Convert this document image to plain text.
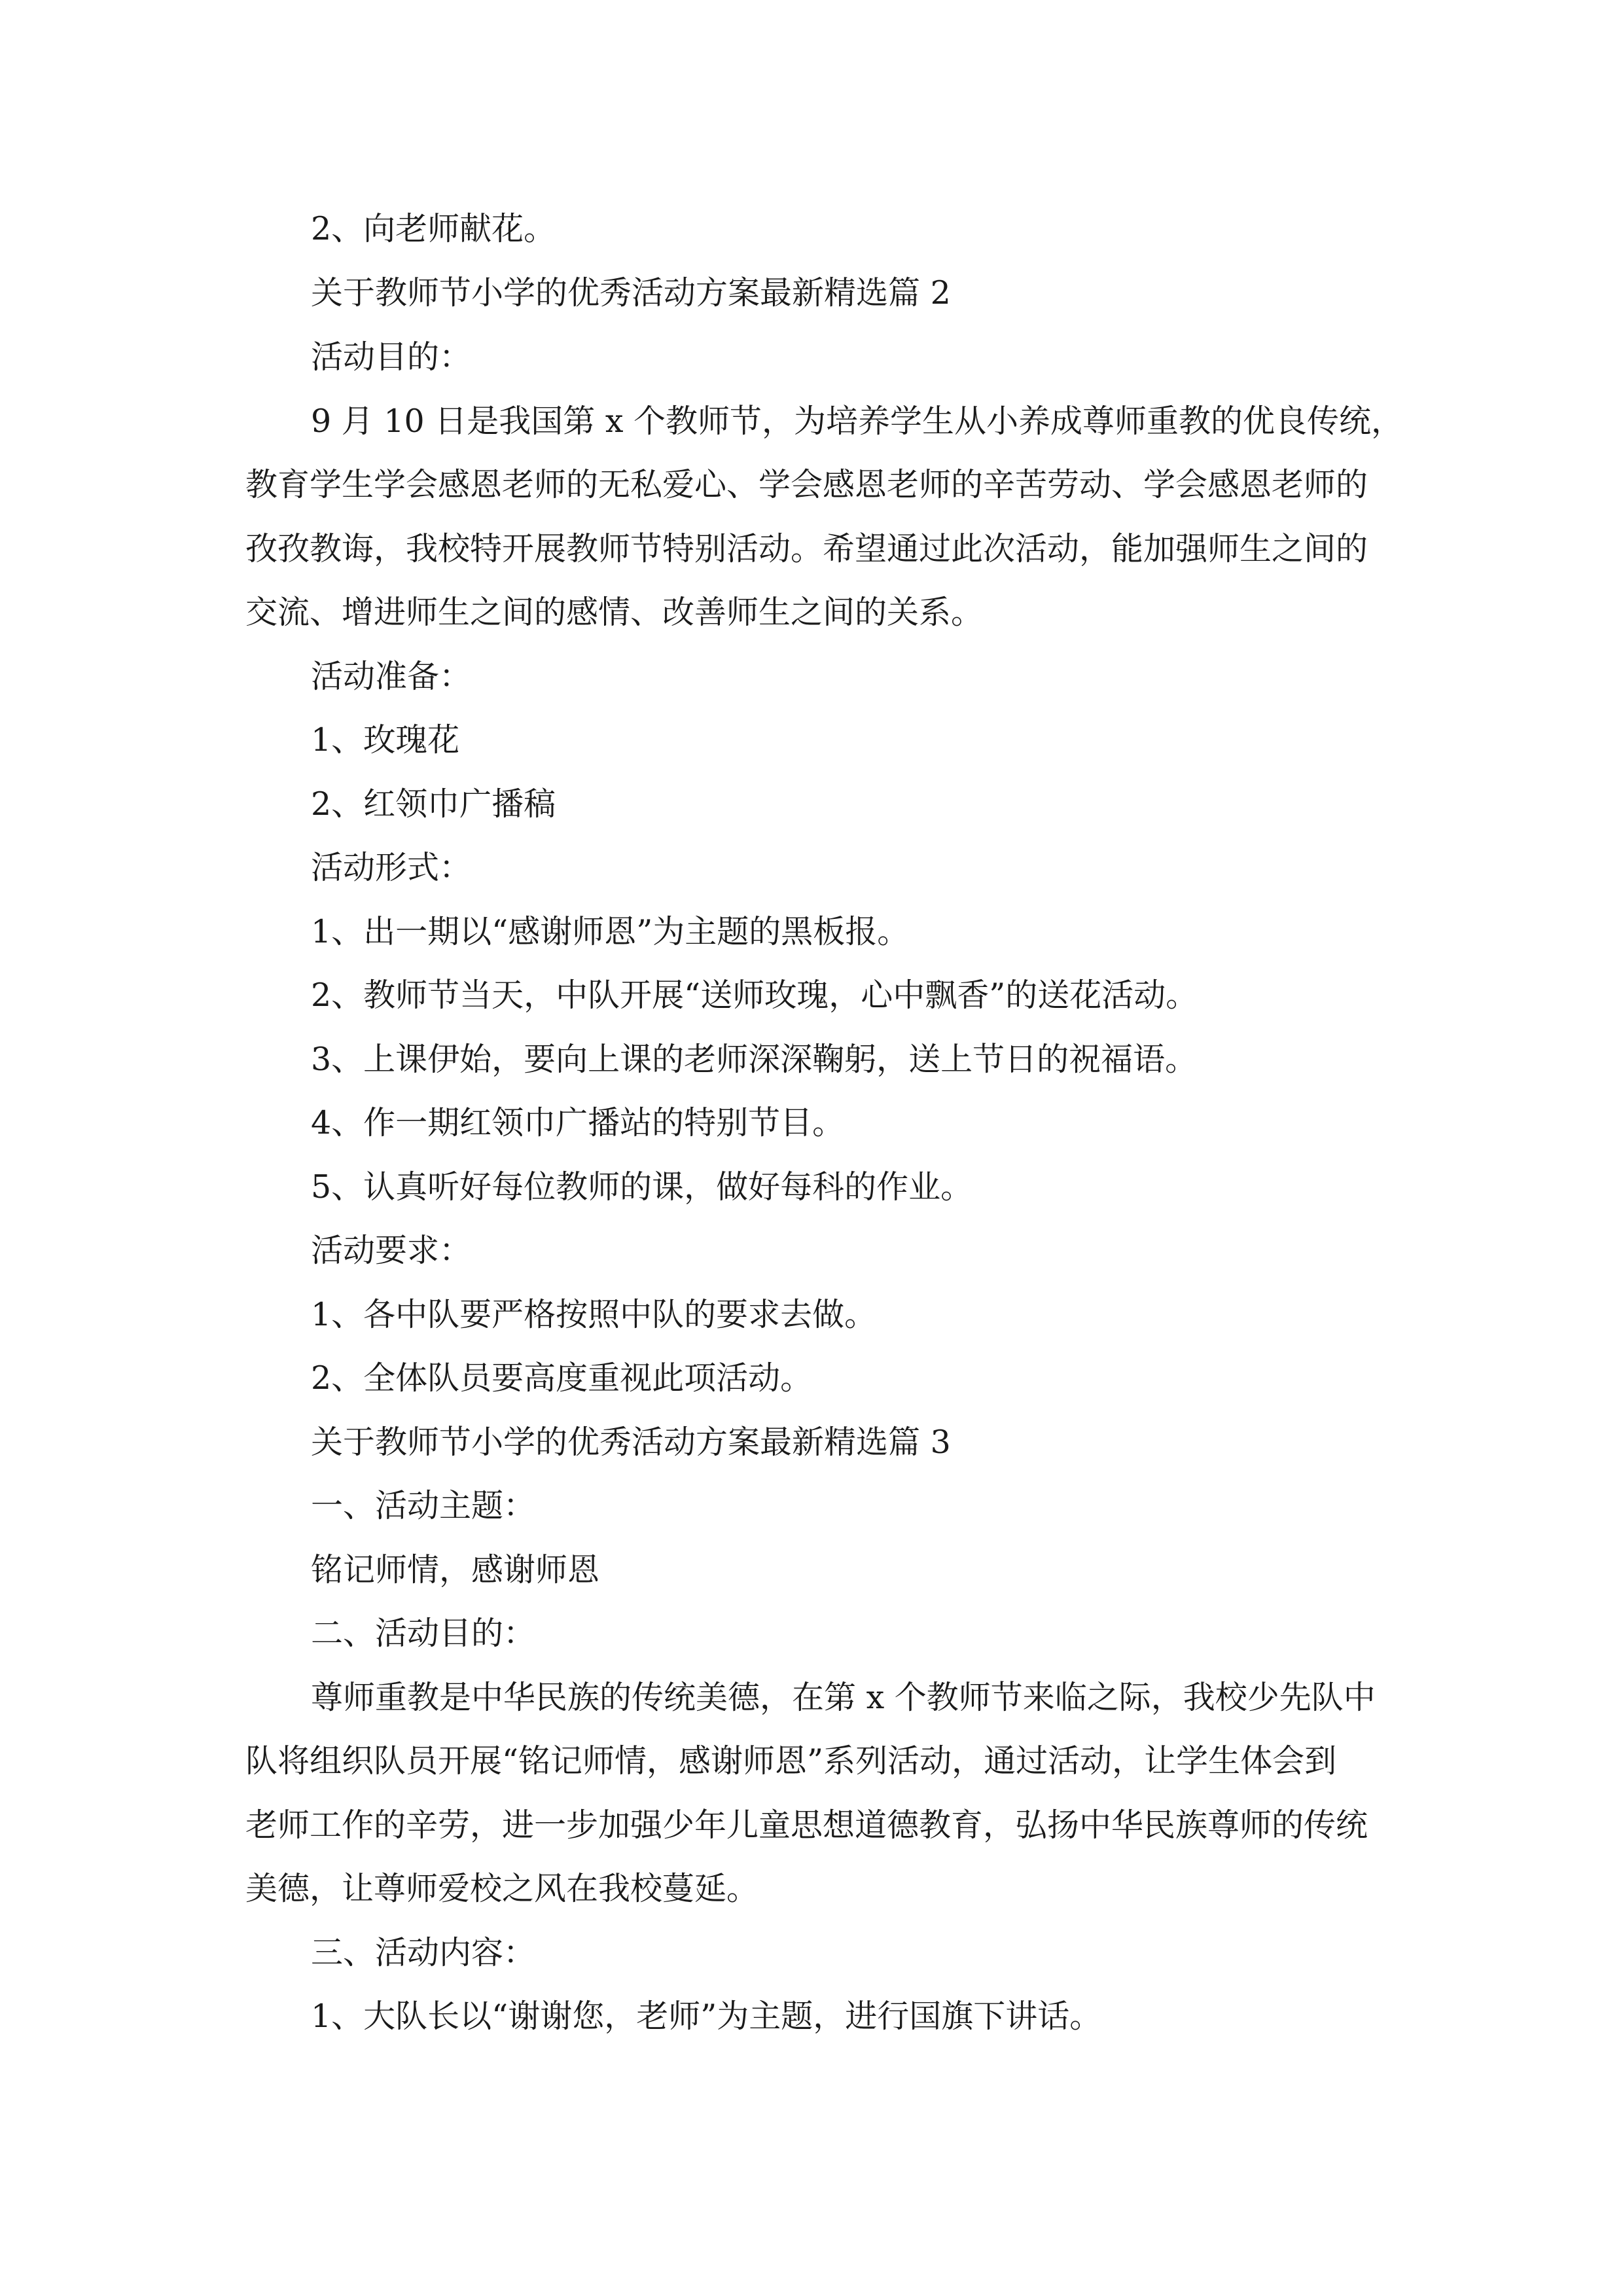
2、向老师献花。

关于教师节小学的优秀活动方案最新精选篇 2

活动目的：

9 月 10 日是我国第 x 个教师节，为培养学生从小养成尊师重教的优良传统，

教育学生学会感恩老师的无私爱心、学会感恩老师的辛苦劳动、学会感恩老师的

孜孜教诲，我校特开展教师节特别活动。希望通过此次活动，能加强师生之间的

交流、增进师生之间的感情、改善师生之间的关系。

活动准备：

1、玫瑰花

2、红领巾广播稿

活动形式：

1、出一期以“感谢师恩”为主题的黑板报。

2、教师节当天，中队开展“送师玫瑰，心中飘香”的送花活动。

3、上课伊始，要向上课的老师深深鞠躬，送上节日的祝福语。

4、作一期红领巾广播站的特别节目。

5、认真听好每位教师的课，做好每科的作业。

活动要求：

1、各中队要严格按照中队的要求去做。

2、全体队员要高度重视此项活动。

关于教师节小学的优秀活动方案最新精选篇 3

一、活动主题：

铭记师情，感谢师恩

二、活动目的：

尊师重教是中华民族的传统美德，在第 x 个教师节来临之际，我校少先队中

队将组织队员开展“铭记师情，感谢师恩”系列活动，通过活动，让学生体会到

老师工作的辛劳，进一步加强少年儿童思想道德教育，弘扬中华民族尊师的传统

美德，让尊师爱校之风在我校蔓延。

三、活动内容：

1、大队长以“谢谢您，老师”为主题，进行国旗下讲话。
